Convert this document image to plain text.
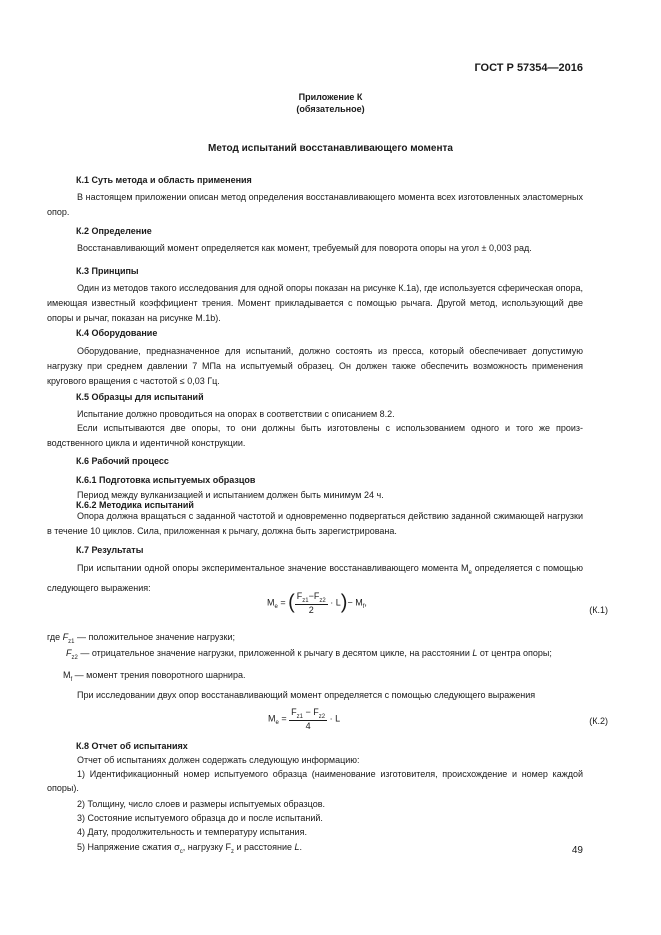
ГОСТ Р 57354—2016
Приложение К
(обязательное)
Метод испытаний восстанавливающего момента
К.1 Суть метода и область применения
В настоящем приложении описан метод определения восстанавливающего момента всех изготовленных эластомерных опор.
К.2 Определение
Восстанавливающий момент определяется как момент, требуемый для поворота опоры на угол ± 0,003 рад.
К.3 Принципы
Один из методов такого исследования для одной опоры показан на рисунке К.1а), где используется сферическая опора, имеющая известный коэффициент трения. Момент прикладывается с помощью рычага. Другой метод, использующий две опоры и рычаг, показан на рисунке М.1b).
К.4 Оборудование
Оборудование, предназначенное для испытаний, должно состоять из пресса, который обеспечивает допустимую нагрузку при среднем давлении 7 МПа на испытуемый образец. Он должен также обеспечить возможность применения кругового вращения с частотой ≤ 0,03 Гц.
К.5 Образцы для испытаний
Испытание должно проводиться на опорах в соответствии с описанием 8.2.
Если испытываются две опоры, то они должны быть изготовлены с использованием одного и того же производственного цикла и идентичной конструкции.
К.6 Рабочий процесс
К.6.1 Подготовка испытуемых образцов
Период между вулканизацией и испытанием должен быть минимум 24 ч.
К.6.2 Методика испытаний
Опора должна вращаться с заданной частотой и одновременно подвергаться действию заданной сжимающей нагрузки в течение 10 циклов. Сила, приложенная к рычагу, должна быть зарегистрирована.
К.7 Результаты
При испытании одной опоры экспериментальное значение восстанавливающего момента $M_e$ определяется с помощью следующего выражения:
$M_e$ = ( $\frac{F_{z1}-F_{z2}}{2} \cdot L)- M_f$,
(К.1)
где $F_{z1}$ — положительное значение нагрузки;
$F_{z2}$ — отрицательное значение нагрузки, приложенной к рычагу в десятом цикле, на расстоянии L от центра опоры;
$M_f$ — момент трения поворотного шарнира.
При исследовании двух опор восстанавливающий момент определяется с помощью следующего выражения
$M_e = \frac{F_{z1} - F_{z2}}{4} \cdot L$	(К.2)
К.8 Отчет об испытаниях
Отчет об испытаниях должен содержать следующую информацию:
1) Идентификационный номер испытуемого образца (наименование изготовителя, происхождение и номер каждой опоры).
2) Толщину, число слоев и размеры испытуемых образцов.
3) Состояние испытуемого образца до и после испытаний.
4) Дату, продолжительность и температуру испытания.
5) Напряжение сжатия $\sigma_c$, нагрузку $F_z$ и расстояние L.	49
